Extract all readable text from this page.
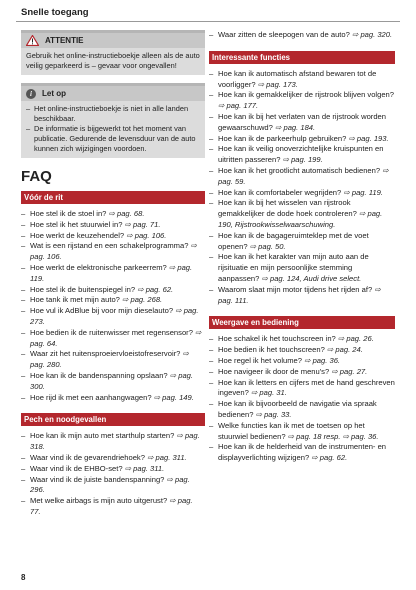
Snelle toegang
ATTENTIE
Gebruik het online-instructieboekje alleen als de auto veilig geparkeerd is – gevaar voor ongevallen!
i	Let op
– Het online-instructieboekje is niet in alle landen beschikbaar.
– De informatie is bijgewerkt tot het moment van publicatie. Gedurende de levensduur van de auto kunnen zich wijzigingen voordoen.
FAQ
Vóór de rit
– Hoe stel ik de stoel in? ⇨ pag. 68.
– Hoe stel ik het stuurwiel in? ⇨ pag. 71.
– Hoe werkt de keuzehendel? ⇨ pag. 106.
– Wat is een rijstand en een schakelprogramma? ⇨ pag. 106.
– Hoe werkt de elektronische parkeerrem? ⇨ pag. 119.
– Hoe stel ik de buitenspiegel in? ⇨ pag. 62.
– Hoe tank ik met mijn auto? ⇨ pag. 268.
– Hoe vul ik AdBlue bij voor mijn dieselauto? ⇨ pag. 273.
– Hoe bedien ik de ruitenwisser met regensensor? ⇨ pag. 64.
– Waar zit het ruitensproeiervloeistofreservoir? ⇨ pag. 280.
– Hoe kan ik de bandenspanning opslaan? ⇨ pag. 300.
– Hoe rijd ik met een aanhangwagen? ⇨ pag. 149.
Pech en noodgevallen
– Hoe kan ik mijn auto met starthulp starten? ⇨ pag. 318.
– Waar vind ik de gevarendriehoek? ⇨ pag. 311.
– Waar vind ik de EHBO-set? ⇨ pag. 311.
– Waar vind ik de juiste bandenspanning? ⇨ pag. 296.
– Met welke airbags is mijn auto uitgerust? ⇨ pag. 77.
– Waar zitten de sleepogen van de auto? ⇨ pag. 320.
Interessante functies
– Hoe kan ik automatisch afstand bewaren tot de voorligger? ⇨ pag. 173.
– Hoe kan ik gemakkelijker de rijstrook blijven volgen? ⇨ pag. 177.
– Hoe kan ik bij het verlaten van de rijstrook worden gewaarschuwd? ⇨ pag. 184.
– Hoe kan ik de parkeerhulp gebruiken? ⇨ pag. 193.
– Hoe kan ik veilig onoverzichtelijke kruispunten en uitritten passeren? ⇨ pag. 199.
– Hoe kan ik het grootlicht automatisch bedienen? ⇨ pag. 59.
– Hoe kan ik comfortabeler wegrijden? ⇨ pag. 119.
– Hoe kan ik bij het wisselen van rijstrook gemakkelijker de dode hoek controleren? ⇨ pag. 190, Rijstrookwisselwaarschuwing.
– Hoe kan ik de bagageruimteklep met de voet openen? ⇨ pag. 50.
– Hoe kan ik het karakter van mijn auto aan de rijsituatie en mijn persoonlijke stemming aanpassen? ⇨ pag. 124, Audi drive select.
– Waarom slaat mijn motor tijdens het rijden af? ⇨ pag. 111.
Weergave en bediening
– Hoe schakel ik het touchscreen in? ⇨ pag. 26.
– Hoe bedien ik het touchscreen? ⇨ pag. 24.
– Hoe regel ik het volume? ⇨ pag. 36.
– Hoe navigeer ik door de menu's? ⇨ pag. 27.
– Hoe kan ik letters en cijfers met de hand geschreven ingeven? ⇨ pag. 31.
– Hoe kan ik bijvoorbeeld de navigatie via spraak bedienen? ⇨ pag. 33.
– Welke functies kan ik met de toetsen op het stuurwiel bedienen? ⇨ pag. 18 resp. ⇨ pag. 36.
– Hoe kan ik de helderheid van de instrumenten- en displayverlichting wijzigen? ⇨ pag. 62.
8
